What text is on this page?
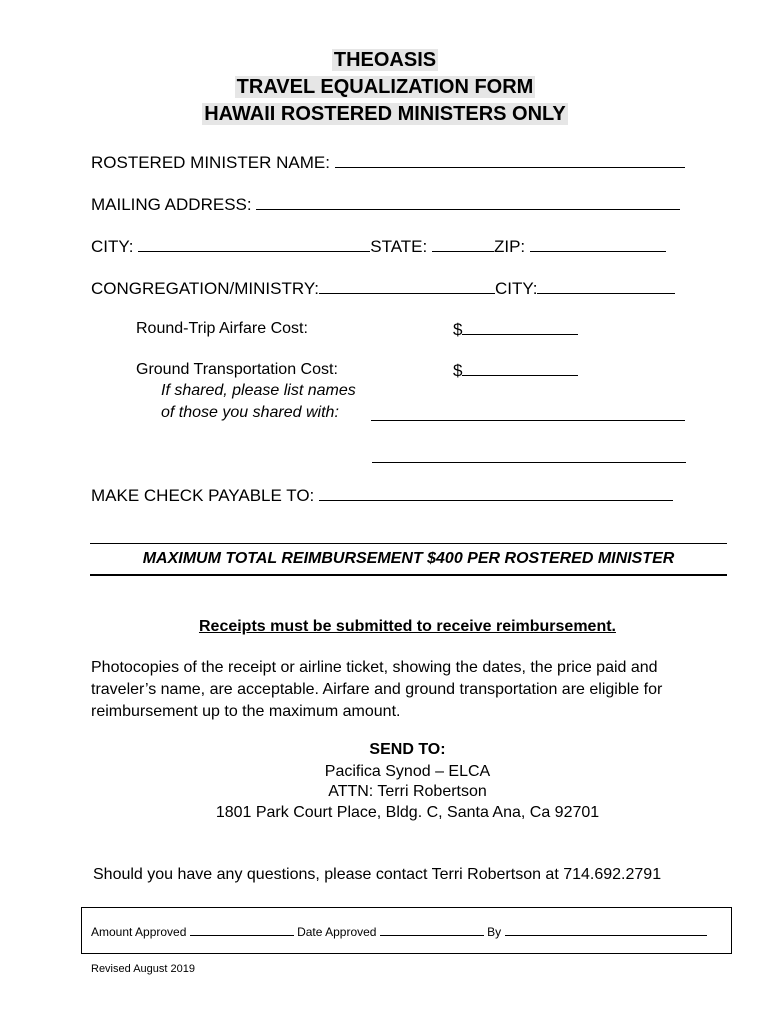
THEOASIS
TRAVEL EQUALIZATION FORM
HAWAII ROSTERED MINISTERS ONLY
ROSTERED MINISTER NAME:
MAILING ADDRESS:
CITY:	STATE:	ZIP:
CONGREGATION/MINISTRY:	CITY:
Round-Trip Airfare Cost:	$
Ground Transportation Cost:	$
If shared, please list names
of those you shared with:
MAKE CHECK PAYABLE TO:
MAXIMUM TOTAL REIMBURSEMENT $400 PER ROSTERED MINISTER
Receipts must be submitted to receive reimbursement.
Photocopies of the receipt or airline ticket, showing the dates, the price paid and
traveler’s name, are acceptable. Airfare and ground transportation are eligible for
reimbursement up to the maximum amount.
SEND TO:
Pacifica Synod – ELCA
ATTN: Terri Robertson
1801 Park Court Place, Bldg. C, Santa Ana, Ca 92701
Should you have any questions, please contact Terri Robertson at 714.692.2791
Amount Approved	Date Approved	By
Revised August 2019
